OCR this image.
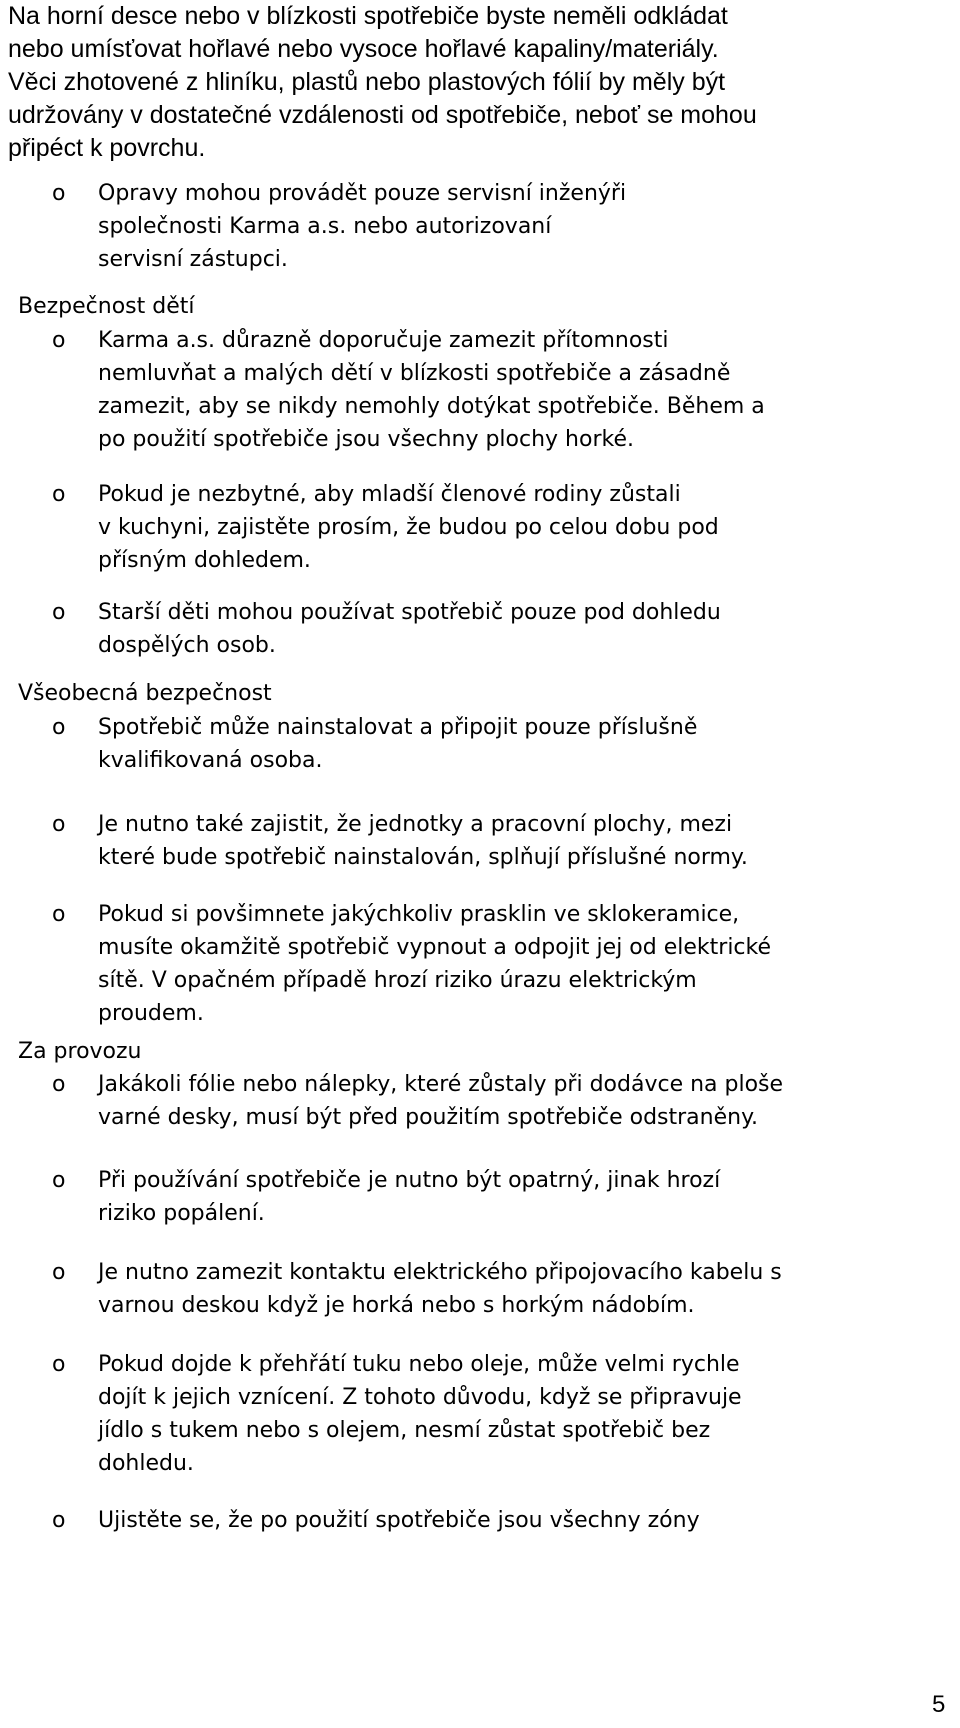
Na horní desce nebo v blízkosti spotřebiče byste neměli odkládat
nebo umísťovat hořlavé nebo vysoce hořlavé kapaliny/materiály.
Věci zhotovené z hliníku, plastů nebo plastových fólií by měly být
udržovány v dostatečné vzdálenosti od spotřebiče, neboť se mohou
připéct k povrchu.
o Opravy mohou provádět pouze servisní inženýři
společnosti Karma a.s. nebo autorizovaní
servisní zástupci.
Bezpečnost dětí
o Karma a.s. důrazně doporučuje zamezit přítomnosti
nemluvňat a malých dětí v blízkosti spotřebiče a zásadně
zamezit, aby se nikdy nemohly dotýkat spotřebiče. Během a
po použití spotřebiče jsou všechny plochy horké.
o Pokud je nezbytné, aby mladší členové rodiny zůstali
v kuchyni, zajistěte prosím, že budou po celou dobu pod
přísným dohledem.
o Starší děti mohou používat spotřebič pouze pod dohledu
dospělých osob.
Všeobecná bezpečnost
o Spotřebič může nainstalovat a připojit pouze příslušně
kvalifikovaná osoba.
o Je nutno také zajistit, že jednotky a pracovní plochy, mezi
které bude spotřebič nainstalován, splňují příslušné normy.
o Pokud si povšimnete jakýchkoliv prasklin ve sklokeramice,
musíte okamžitě spotřebič vypnout a odpojit jej od elektrické
sítě. V opačném případě hrozí riziko úrazu elektrickým
proudem.
Za provozu
o Jakákoli fólie nebo nálepky, které zůstaly při dodávce na ploše
varné desky, musí být před použitím spotřebiče odstraněny.
o Při používání spotřebiče je nutno být opatrný, jinak hrozí
riziko popálení.
o Je nutno zamezit kontaktu elektrického připojovacího kabelu s
varnou deskou když je horká nebo s horkým nádobím.
o Pokud dojde k přehřátí tuku nebo oleje, může velmi rychle
dojít k jejich vznícení. Z tohoto důvodu, když se připravuje
jídlo s tukem nebo s olejem, nesmí zůstat spotřebič bez
dohledu.
o Ujistěte se, že po použití spotřebiče jsou všechny zóny
5
